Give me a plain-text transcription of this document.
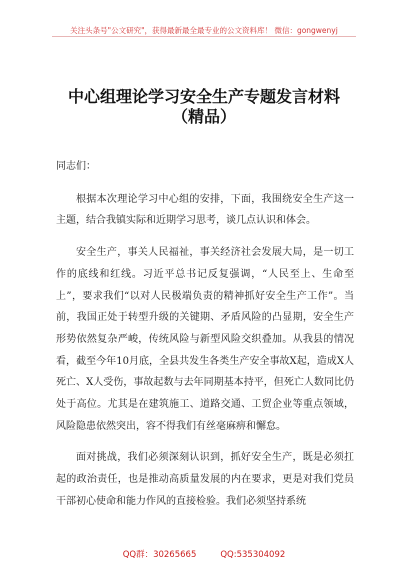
关注头条号"公文研究"，获得最新最全最专业的公文资料库！ 微信：gongwenyj
中心组理论学习安全生产专题发言材料
（精品）

同志们：

根据本次理论学习中心组的安排，下面，我围绕安全生产这一主题，结合我镇实际和近期学习思考，谈几点认识和体会。

安全生产，事关人民福祉，事关经济社会发展大局，是一切工作的底线和红线。习近平总书记反复强调，“人民至上、生命至上”，要求我们“以对人民极端负责的精神抓好安全生产工作”。当前，我国正处于转型升级的关键期、矛盾风险的凸显期，安全生产形势依然复杂严峻，传统风险与新型风险交织叠加。从我县的情况看，截至今年10月底，全县共发生各类生产安全事故X起，造成X人死亡、X人受伤，事故起数与去年同期基本持平，但死亡人数同比仍处于高位。尤其是在建筑施工、道路交通、工贸企业等重点领域，风险隐患依然突出，容不得我们有丝毫麻痹和懈怠。

面对挑战，我们必须深刻认识到，抓好安全生产，既是必须扛起的政治责任，也是推动高质量发展的内在要求，更是对我们党员干部初心使命和能力作风的直接检验。我们必须坚持系统

QQ群：30265665	QQ:535304092
